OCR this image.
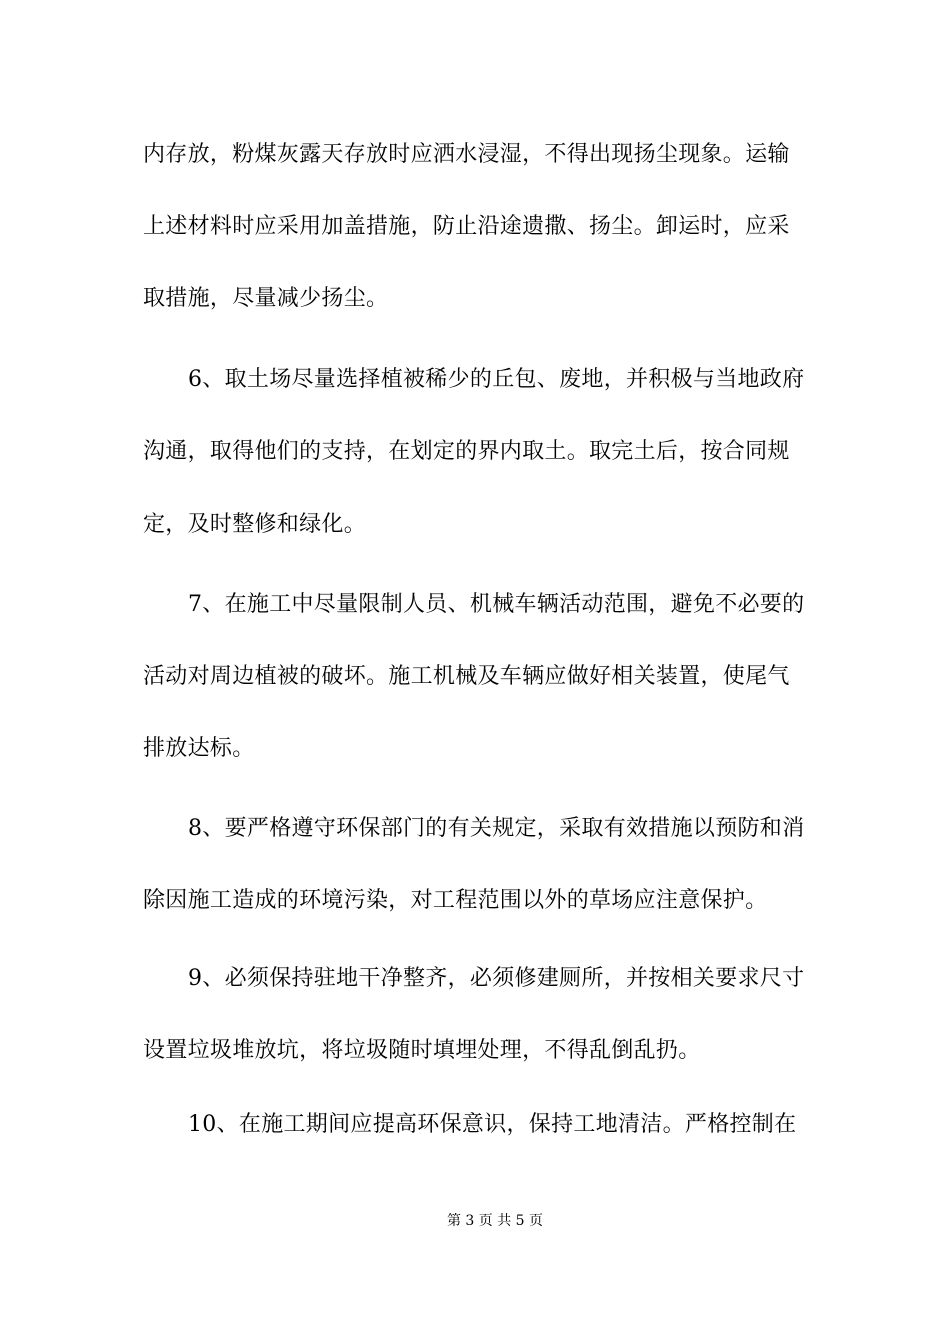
内存放，粉煤灰露天存放时应洒水浸湿，不得出现扬尘现象。运输
上述材料时应采用加盖措施，防止沿途遗撒、扬尘。卸运时，应采
取措施，尽量减少扬尘。
6、取土场尽量选择植被稀少的丘包、废地，并积极与当地政府
沟通，取得他们的支持，在划定的界内取土。取完土后，按合同规
定，及时整修和绿化。
7、在施工中尽量限制人员、机械车辆活动范围，避免不必要的
活动对周边植被的破坏。施工机械及车辆应做好相关装置，使尾气
排放达标。
8、要严格遵守环保部门的有关规定，采取有效措施以预防和消
除因施工造成的环境污染，对工程范围以外的草场应注意保护。
9、必须保持驻地干净整齐，必须修建厕所，并按相关要求尺寸
设置垃圾堆放坑，将垃圾随时填埋处理，不得乱倒乱扔。
10、在施工期间应提高环保意识，保持工地清洁。严格控制在
第 3 页 共 5 页
